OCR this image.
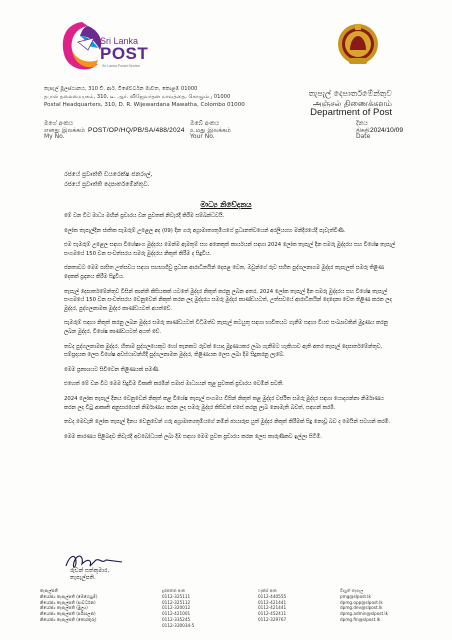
Sri Lanka
POST
Sri Lanka Postal Service
තැපැල් මූලස්ථානය, 310 ඩී. ආර්. විජේවර්ධන මාවත, කොළඹ 01000
தபால் தலைமையகம், 310, டீ. ஆர். விஜேவர்தன மாவத்தை, கொழும்பு 01000
Postal Headquarters, 310, D. R. Wijewardana Mawatha, Colombo 01000
තැපැල් දෙපාර්තමේන්තුව
அஞ்சல் திணைக்களம்
Department of Post
මගේ අංකය
எனது இலக்கம்
My No.
POST/OP/HQ/PB/SA/488/2024
ඔබේ අංකය
உமது இலக்கம்
Your No.
දිනය
திகதி
Date
2024/10/09
රජයේ ප්‍රවෘත්ති ඩයරෙක්ෂ ජනරාල්,
රජයේ ප්‍රවෘත්ති දෙපාර්තමේන්තුව.
මාධ්‍ය නිවේදනය

මේ වන විට මාධ්‍ය මඟින් ප්‍රචාරය වන පුවතක් නිවැරදි කිරීම සම්බන්ධවයි.

ලෝක තැපැල්දින ජාතික සැමරුම් උළෙල අද (09) දින ගරු අග්‍රාමාත්‍යතුමියගේ ප්‍රධානත්වයෙන් අරලියගහ මන්දිරයේදී පැවැත්විණි.

එම සැමරුම් උළෙල සඳහා විශේෂාංග මුද්දරය මෙන්ම ඇමතුම් සහ අනෙකුත් කාර්යයන් සඳහා 2024 ලෝක තැපැල් දින සමරු මුද්දරය සහ විශේෂ තැපැල් සංගමයේ 150 වන සංවත්සරය සමරු මුද්දරය නිකුත් කිරීම ද සිදුවිය.

ජනතාවට මෙම පාසිත උත්සවය සඳහා සහභාගිවු ප්‍රධාන ආරාධිතයින් දෙපළ වෙත, ඔවුන්ගේ රුව සහිත පුද්ගලනාගම මුද්දර තැපැලත් සමරු තිළිණ දෙකක් ප්‍රදානය කිරීම සිදුවිය.

තැපැල් දෙපාර්තමේන්තුව විසින් කාන්ති කිසියකක් යටතේ මුද්දර නිකුත් කරනු ලබන අතර, 2024 ලෝක තැපැල් දින සමරු මුද්දරය සහ විශේෂ තැපැල් සංගමයේ 150 වන සංවත්සරය වෙනුවෙන් නිකුත් කරන ලද මුද්දරය සමරු මුද්දර කාණ්ඩයටත්, උත්සවයේ ආරාධිතයින් දෙදෙනා වෙත තිළිණ කරන ලද මුද්දර, පුද්ගලනාමක මුද්දර කාණ්ඩයටත් අයත්වේ.

සැමරුම් සඳහා නිකුත් කරනු ලබන මුද්දර සමරු කාණ්ඩයටත් විධිමත්ව තැපැල් කටයුතු සඳහා භාවිතයට ගැනීම සඳහා වියළු සංඛ්‍යාවකින් මුද්‍රණය කරනු ලබන මුද්දර, විශේෂ කාණ්ඩයටත් අයත් වේ.

තවද පුද්ගලනාමක මුද්දර, හිතාම පුද්ගලයෙකුට හෝ තැනකට රුවක් යොදා මුද්‍රණයකර ලබා ගැනීමට හැකියාව ඇති අතර තැපැල් දෙපාර්තමේන්තුව, සම්ප්‍රදායක ලෙස විශේෂ අවස්ථාවන්හිදී පුද්ගලනාමක මුද්දර, තිළිණයක ලෙස ලබා දීම සිදුකරනු ලැබේ.

මෙම ප්‍රකාශයට සිවිවෙන තිළිණයක් පමණි.

එහෙත් මේ වන විට මෙම සිදුවීම විකෘති කරමින් සමාජ මාධ්‍යයන් තුළ පුවතක් ප්‍රචාරය වෙමින් පවතී.

2024 ලෝක තැපැල් දිනය වෙනුවෙන් නිකුත් කළ විශේෂ තැපැල් සංගමය විසින් නිකුත් කළ මුද්දර වර්ජිත සමරු මුද්දර සඳහා යොදාගන්නා නිර්මාණය කරන ලද විටු ආකෘති අනුසාරයෙන් නිර්මාණය කරන ලද සමරු මුද්දර කිසිවක් එසේ කරනු ලැබ නොමැති බවත්, සඳහන් කරමි.

තවද මෙවැනි ලෝක තැපැල් දිනය වෙනුවෙන් ගරු අග්‍රාමාත්‍යතුමියගේ නමින් ඡායාරූප යුත් මුද්දර නිකුත් කිරීමක් සිදු නොවූ බව ද මෙයින් සටහන් කරමි.

මෙම කාරණය පිළිබඳව නිවැරදි අවබෝධයක් ලබා දීම සඳහා මෙම පුවත ප්‍රචාරය කරන ලෙස කාරුණිකව ඉල්ලා සිටිමි.

රුවන් සත්කුමාර,
තැපැල්පති.
තැපැල්පති
නියෝජ්‍ය තැපැල්පති (මෙහෙයුම්)
නියෝජ්‍ය තැපැල්පති (සංවර්ධන)
නියෝජ්‍ය තැපැල්පති (මුල්‍ය)
නියෝජ්‍ය තැපැල්පති (පරිපාලන)
නියෝජ්‍ය තැපැල්පති (තොරතුරු)
දුරකතන අංක
0112-325111
0112-325112
0112-320012
0112-421001
0112-335245
0112-330034-5
ෆැක්ස් අංක
0112-440555
0112-421441
0112-421441
0112-452411
0112-329767
විද්‍යුත් තැපැල
pmg@slpost.lk
dpmg.opp@slpost.lk
dpmg.dev@slpost.lk
dpmg.admin@slpost.lk
dpmg.fin@slpost.lk
